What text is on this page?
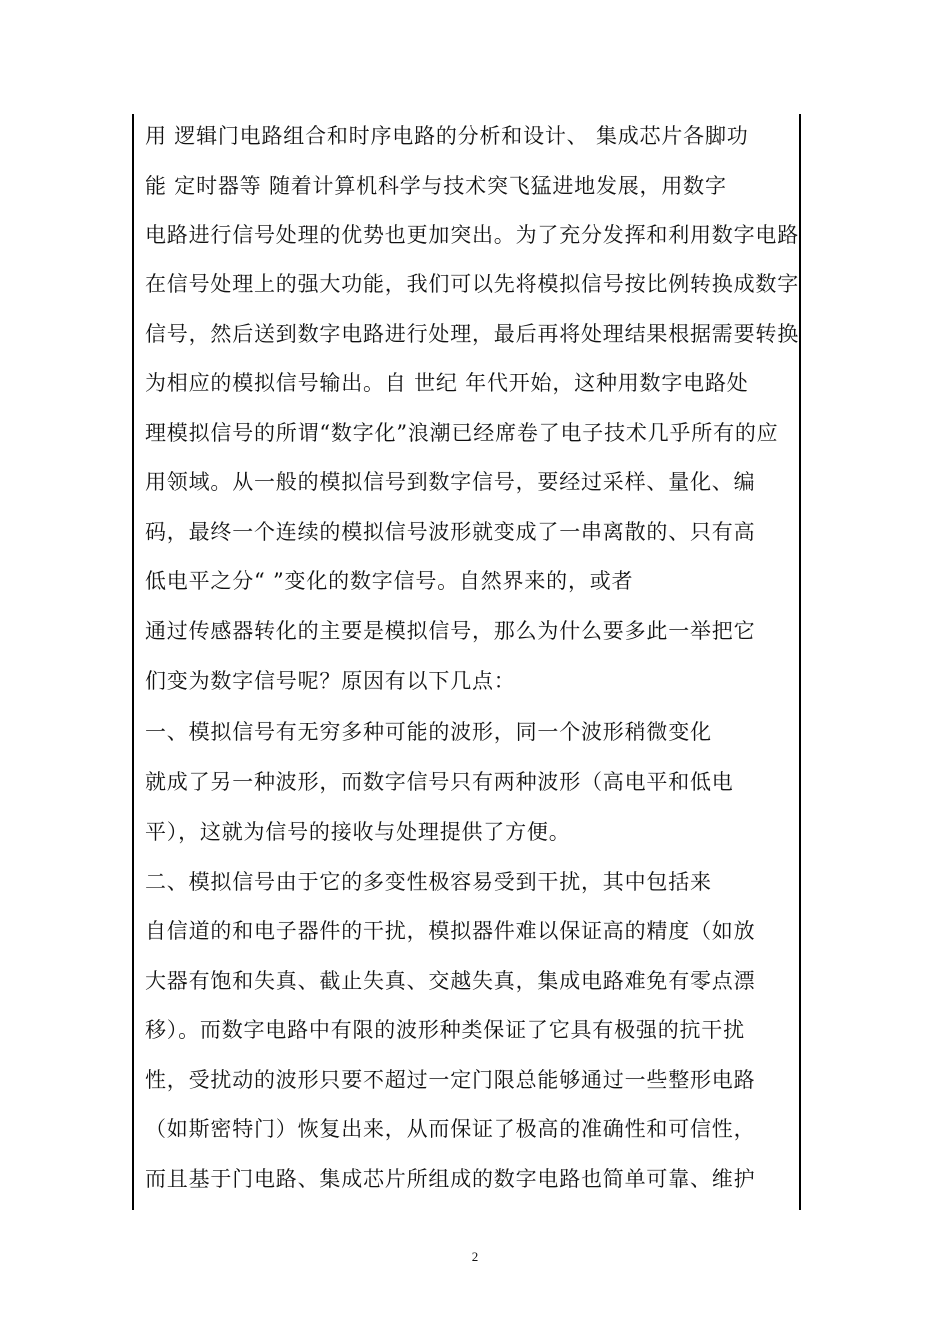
用 逻辑门电路组合和时序电路的分析和设计、 集成芯片各脚功
能 定时器等 随着计算机科学与技术突飞猛进地发展，用数字
电路进行信号处理的优势也更加突出。为了充分发挥和利用数字电路
在信号处理上的强大功能，我们可以先将模拟信号按比例转换成数字
信号，然后送到数字电路进行处理，最后再将处理结果根据需要转换
为相应的模拟信号输出。自 世纪 年代开始，这种用数字电路处
理模拟信号的所谓“数字化”浪潮已经席卷了电子技术几乎所有的应
用领域。从一般的模拟信号到数字信号，要经过采样、量化、编
码，最终一个连续的模拟信号波形就变成了一串离散的、只有高
低电平之分“ ”变化的数字信号。自然界来的，或者
通过传感器转化的主要是模拟信号，那么为什么要多此一举把它
们变为数字信号呢？原因有以下几点：
一、模拟信号有无穷多种可能的波形，同一个波形稍微变化
就成了另一种波形，而数字信号只有两种波形（高电平和低电
平），这就为信号的接收与处理提供了方便。
二、模拟信号由于它的多变性极容易受到干扰，其中包括来
自信道的和电子器件的干扰，模拟器件难以保证高的精度（如放
大器有饱和失真、截止失真、交越失真，集成电路难免有零点漂
移）。而数字电路中有限的波形种类保证了它具有极强的抗干扰
性，受扰动的波形只要不超过一定门限总能够通过一些整形电路
（如斯密特门）恢复出来，从而保证了极高的准确性和可信性，
而且基于门电路、集成芯片所组成的数字电路也简单可靠、维护
2
